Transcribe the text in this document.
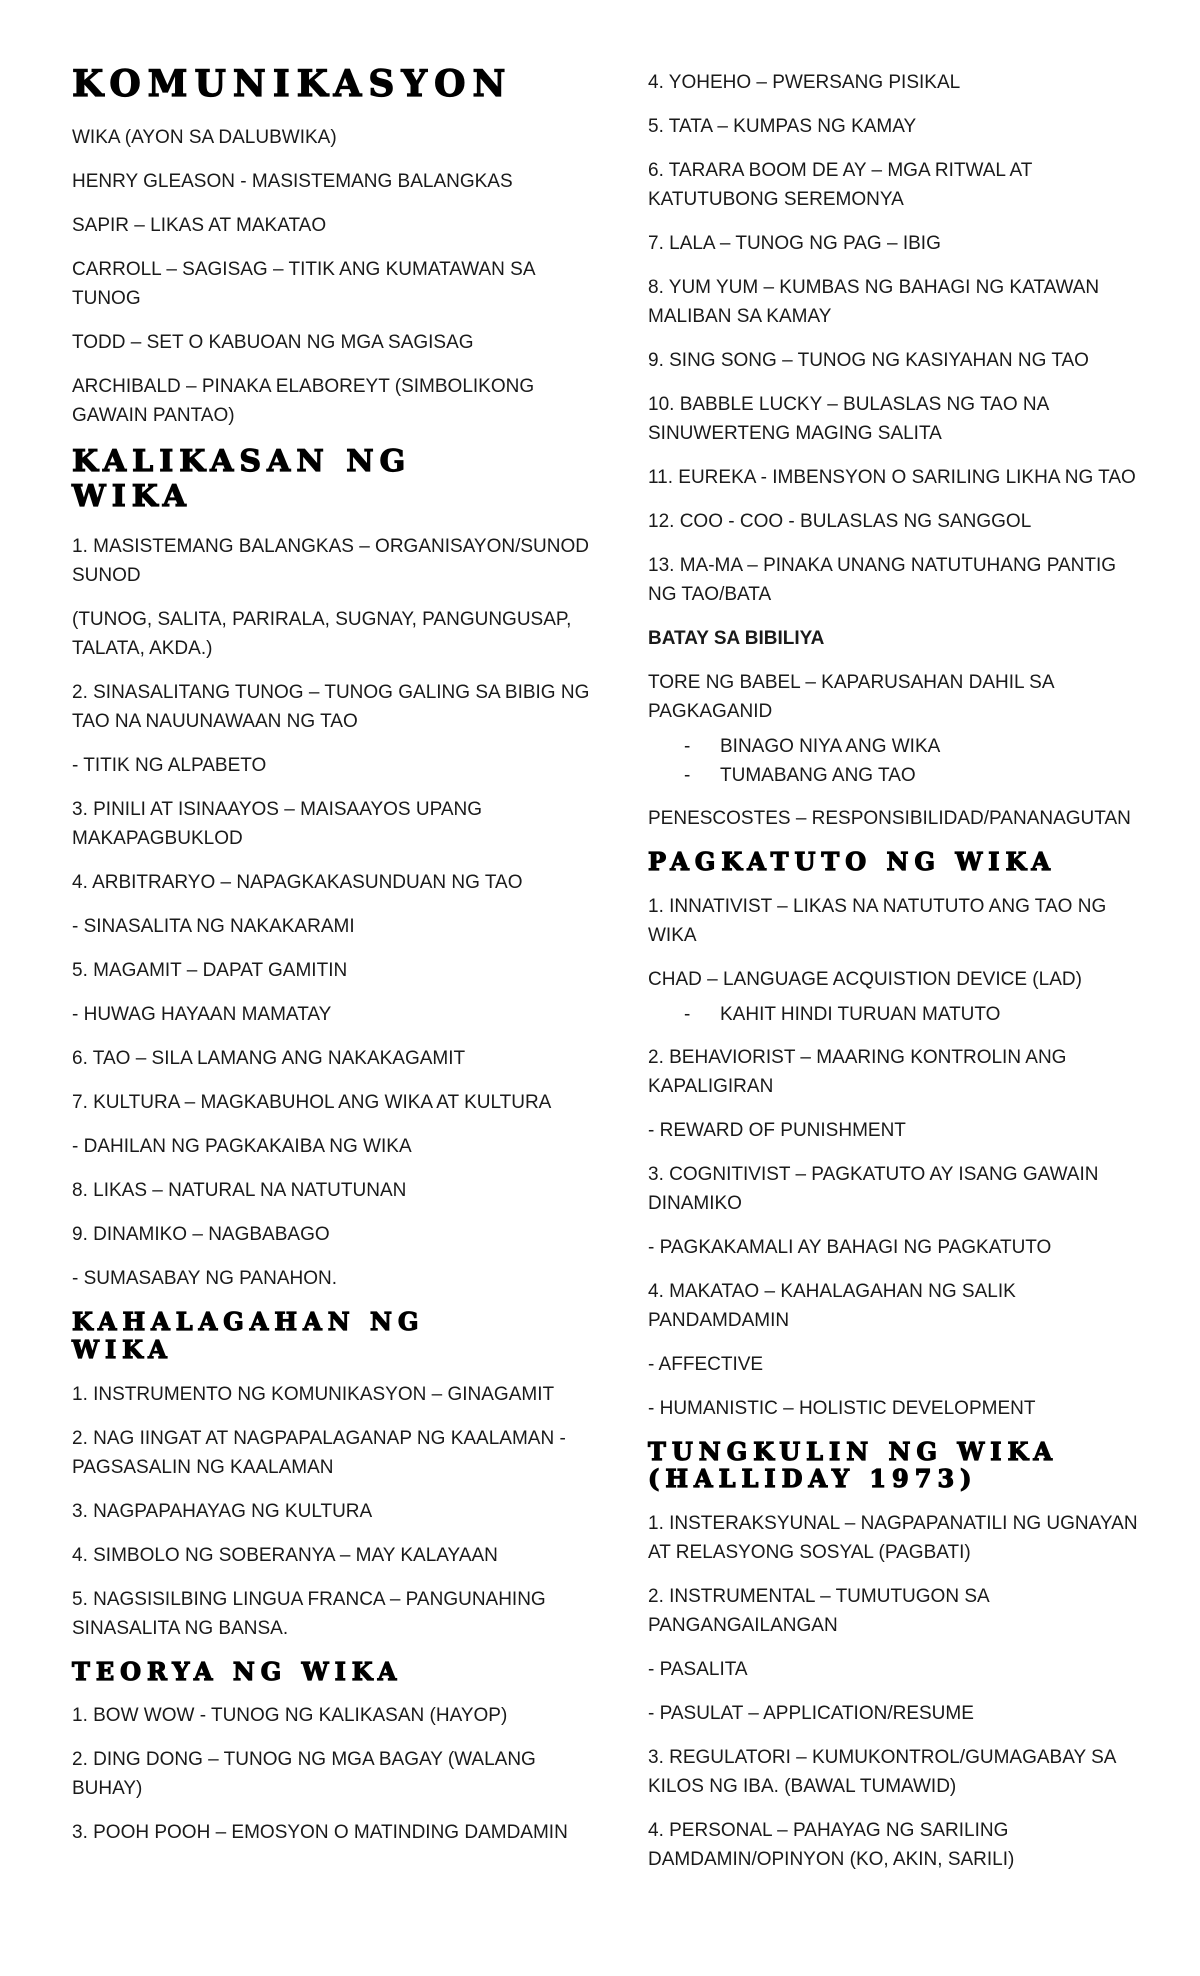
KOMUNIKASYON

WIKA (AYON SA DALUBWIKA)

HENRY GLEASON - MASISTEMANG BALANGKAS

SAPIR – LIKAS AT MAKATAO

CARROLL – SAGISAG – TITIK ANG KUMATAWAN SA TUNOG

TODD – SET O KABUOAN NG MGA SAGISAG

ARCHIBALD – PINAKA ELABOREYT (SIMBOLIKONG GAWAIN PANTAO)

KALIKASAN NG WIKA

1. MASISTEMANG BALANGKAS – ORGANISAYON/SUNOD SUNOD

(TUNOG, SALITA, PARIRALA, SUGNAY, PANGUNGUSAP, TALATA, AKDA.)

2. SINASALITANG TUNOG – TUNOG GALING SA BIBIG NG TAO NA NAUUNAWAAN NG TAO

- TITIK NG ALPABETO

3. PINILI AT ISINAAYOS – MAISAAYOS UPANG MAKAPAGBUKLOD

4. ARBITRARYO – NAPAGKAKASUNDUAN NG TAO

- SINASALITA NG NAKAKARAMI

5. MAGAMIT – DAPAT GAMITIN

- HUWAG HAYAAN MAMATAY

6. TAO – SILA LAMANG ANG NAKAKAGAMIT

7. KULTURA – MAGKABUHOL ANG WIKA AT KULTURA

- DAHILAN NG PAGKAKAIBA NG WIKA

8. LIKAS – NATURAL NA NATUTUNAN

9. DINAMIKO – NAGBABAGO

- SUMASABAY NG PANAHON.

KAHALAGAHAN NG WIKA

1. INSTRUMENTO NG KOMUNIKASYON – GINAGAMIT

2. NAG IINGAT AT NAGPAPALAGANAP NG KAALAMAN - PAGSASALIN NG KAALAMAN

3. NAGPAPAHAYAG NG KULTURA

4. SIMBOLO NG SOBERANYA – MAY KALAYAAN

5. NAGSISILBING LINGUA FRANCA – PANGUNAHING SINASALITA NG BANSA.

TEORYA NG WIKA

1. BOW WOW - TUNOG NG KALIKASAN (HAYOP)

2. DING DONG – TUNOG NG MGA BAGAY (WALANG BUHAY)

3. POOH POOH – EMOSYON O MATINDING DAMDAMIN

4. YOHEHO – PWERSANG PISIKAL

5. TATA – KUMPAS NG KAMAY

6. TARARA BOOM DE AY – MGA RITWAL AT KATUTUBONG SEREMONYA

7. LALA – TUNOG NG PAG – IBIG

8. YUM YUM – KUMBAS NG BAHAGI NG KATAWAN MALIBAN SA KAMAY

9. SING SONG – TUNOG NG KASIYAHAN NG TAO

10. BABBLE LUCKY – BULASLAS NG TAO NA SINUWERTENG MAGING SALITA

11. EUREKA - IMBENSYON O SARILING LIKHA NG TAO

12. COO - COO - BULASLAS NG SANGGOL

13. MA-MA – PINAKA UNANG NATUTUHANG PANTIG NG TAO/BATA

BATAY SA BIBILIYA

TORE NG BABEL – KAPARUSAHAN DAHIL SA PAGKAGANID

- BINAGO NIYA ANG WIKA
- TUMABANG ANG TAO

PENESCOSTES – RESPONSIBILIDAD/PANANAGUTAN

PAGKATUTO NG WIKA

1. INNATIVIST – LIKAS NA NATUTUTO ANG TAO NG WIKA

CHAD – LANGUAGE ACQUISTION DEVICE (LAD)

- KAHIT HINDI TURUAN MATUTO

2. BEHAVIORIST – MAARING KONTROLIN ANG KAPALIGIRAN

- REWARD OF PUNISHMENT

3. COGNITIVIST – PAGKATUTO AY ISANG GAWAIN DINAMIKO

- PAGKAKAMALI AY BAHAGI NG PAGKATUTO

4. MAKATAO – KAHALAGAHAN NG SALIK PANDAMDAMIN

- AFFECTIVE

- HUMANISTIC – HOLISTIC DEVELOPMENT

TUNGKULIN NG WIKA (HALLIDAY 1973)

1. INSTERAKSYUNAL – NAGPAPANATILI NG UGNAYAN AT RELASYONG SOSYAL (PAGBATI)

2. INSTRUMENTAL – TUMUTUGON SA PANGANGAILANGAN

- PASALITA

- PASULAT – APPLICATION/RESUME

3. REGULATORI – KUMUKONTROL/GUMAGABAY SA KILOS NG IBA. (BAWAL TUMAWID)

4. PERSONAL – PAHAYAG NG SARILING DAMDAMIN/OPINYON (KO, AKIN, SARILI)
